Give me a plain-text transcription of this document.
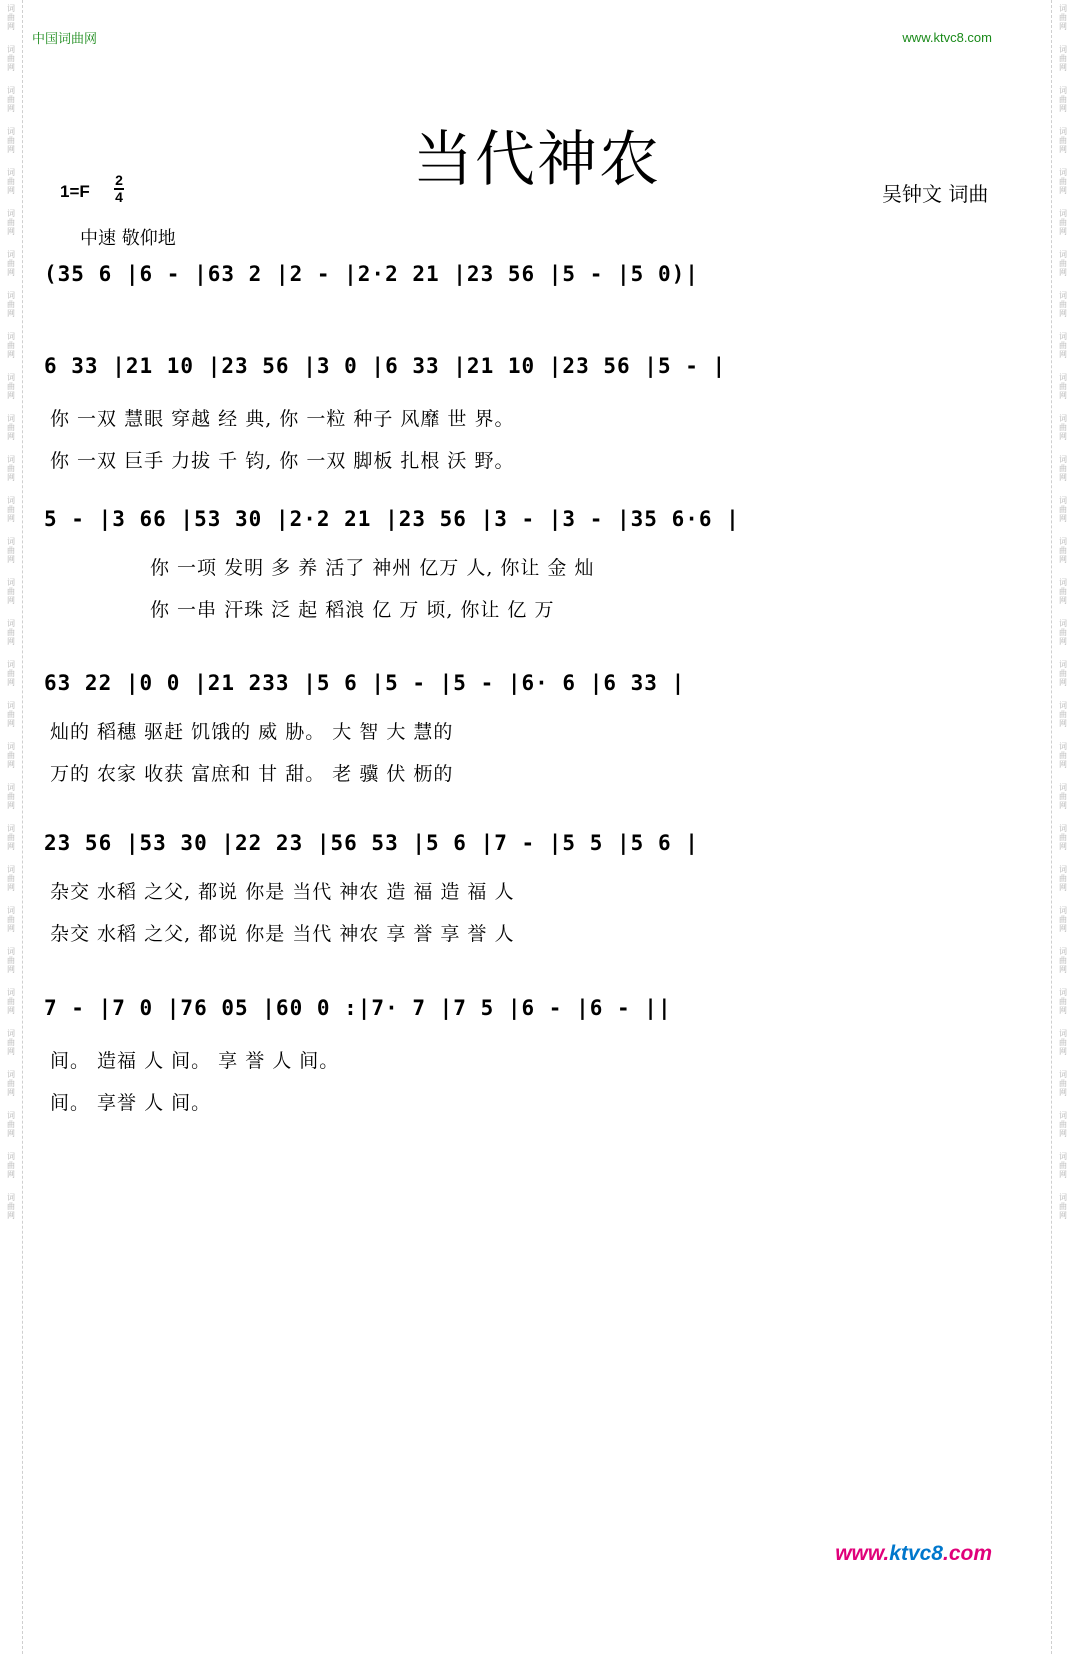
词
曲
网
词
曲
网
词
曲
网
词
曲
网
词
曲
网
词
曲
网
词
曲
网
词
曲
网
词
曲
网
词
曲
网
词
曲
网
词
曲
网
词
曲
网
词
曲
网
词
曲
网
词
曲
网
词
曲
网
词
曲
网
词
曲
网
词
曲
网
词
曲
网
词
曲
网
词
曲
网
词
曲
网
词
曲
网
词
曲
网
词
曲
网
词
曲
网
词
曲
网
词
曲
网
词
曲
网
词
曲
网
词
曲
网
词
曲
网
词
曲
网
词
曲
网
词
曲
网
词
曲
网
词
曲
网
词
曲
网
词
曲
网
词
曲
网
词
曲
网
词
曲
网
词
曲
网
词
曲
网
词
曲
网
词
曲
网
词
曲
网
词
曲
网
词
曲
网
词
曲
网
词
曲
网
词
曲
网
词
曲
网
词
曲
网
词
曲
网
词
曲
网
词
曲
网
词
曲
网
中国词曲网	www.ktvc8.com
当代神农
1=F
2
4	吴钟文 词曲
中速 敬仰地
(35 6 |6 - |63 2 |2 - |2·2 21 |23 56 |5 - |5 0)|
6 33 |21 10 |23 56 |3 0 |6 33 |21 10 |23 56 |5 - |
你 一双 慧眼 穿越 经 典, 你 一粒 种子 风靡 世 界。
你 一双 巨手 力拔 千 钧, 你 一双 脚板 扎根 沃 野。
5 - |3 66 |53 30 |2·2 21 |23 56 |3 - |3 - |35 6·6 |
你 一项 发明 多 养 活了 神州 亿万 人, 你让 金 灿
你 一串 汗珠 泛 起 稻浪 亿 万 顷, 你让 亿 万
63 22 |0 0 |21 233 |5 6 |5 - |5 - |6· 6 |6 33 |
灿的 稻穗 驱赶 饥饿的 威 胁。 大 智 大 慧的
万的 农家 收获 富庶和 甘 甜。 老 骥 伏 枥的
23 56 |53 30 |22 23 |56 53 |5 6 |7 - |5 5 |5 6 |
杂交 水稻 之父, 都说 你是 当代 神农 造 福 造 福 人
杂交 水稻 之父, 都说 你是 当代 神农 享 誉 享 誉 人
7 - |7 0 |76 05 |60 0 :|7· 7 |7 5 |6 - |6 - ||
间。 造福 人 间。 享 誉 人 间。
间。 享誉 人 间。
www.ktvc8.com
